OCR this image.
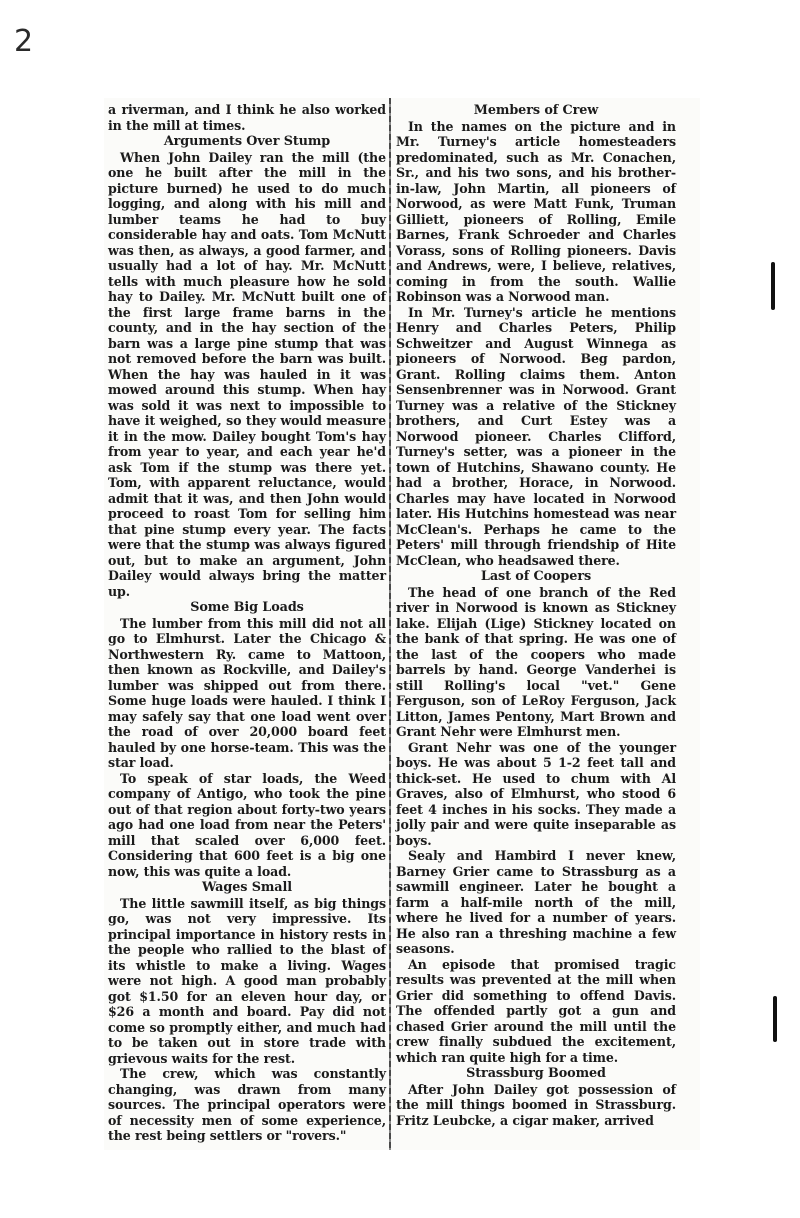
2

a riverman, and I think he also worked in the mill at times.

Arguments Over Stump

When John Dailey ran the mill (the one he built after the mill in the picture burned) he used to do much logging, and along with his mill and lumber teams he had to buy considerable hay and oats. Tom McNutt was then, as always, a good farmer, and usually had a lot of hay. Mr. McNutt tells with much pleasure how he sold hay to Dailey. Mr. McNutt built one of the first large frame barns in the county, and in the hay section of the barn was a large pine stump that was not removed before the barn was built. When the hay was hauled in it was mowed around this stump. When hay was sold it was next to impossible to have it weighed, so they would measure it in the mow. Dailey bought Tom's hay from year to year, and each year he'd ask Tom if the stump was there yet. Tom, with apparent reluctance, would admit that it was, and then John would proceed to roast Tom for selling him that pine stump every year. The facts were that the stump was always figured out, but to make an argument, John Dailey would always bring the matter up.

Some Big Loads

The lumber from this mill did not all go to Elmhurst. Later the Chicago & Northwestern Ry. came to Mattoon, then known as Rockville, and Dailey's lumber was shipped out from there. Some huge loads were hauled. I think I may safely say that one load went over the road of over 20,000 board feet hauled by one horse-team. This was the star load.

To speak of star loads, the Weed company of Antigo, who took the pine out of that region about forty-two years ago had one load from near the Peters' mill that scaled over 6,000 feet. Considering that 600 feet is a big one now, this was quite a load.

Wages Small

The little sawmill itself, as big things go, was not very impressive. Its principal importance in history rests in the people who rallied to the blast of its whistle to make a living. Wages were not high. A good man probably got $1.50 for an eleven hour day, or $26 a month and board. Pay did not come so promptly either, and much had to be taken out in store trade with grievous waits for the rest.

The crew, which was constantly changing, was drawn from many sources. The principal operators were of necessity men of some experience, the rest being settlers or "rovers."

Members of Crew

In the names on the picture and in Mr. Turney's article homesteaders predominated, such as Mr. Conachen, Sr., and his two sons, and his brother-in-law, John Martin, all pioneers of Norwood, as were Matt Funk, Truman Gilliett, pioneers of Rolling, Emile Barnes, Frank Schroeder and Charles Vorass, sons of Rolling pioneers. Davis and Andrews, were, I believe, relatives, coming in from the south. Wallie Robinson was a Norwood man.

In Mr. Turney's article he mentions Henry and Charles Peters, Philip Schweitzer and August Winnega as pioneers of Norwood. Beg pardon, Grant. Rolling claims them. Anton Sensenbrenner was in Norwood. Grant Turney was a relative of the Stickney brothers, and Curt Estey was a Norwood pioneer. Charles Clifford, Turney's setter, was a pioneer in the town of Hutchins, Shawano county. He had a brother, Horace, in Norwood. Charles may have located in Norwood later. His Hutchins homestead was near McClean's. Perhaps he came to the Peters' mill through friendship of Hite McClean, who headsawed there.

Last of Coopers

The head of one branch of the Red river in Norwood is known as Stickney lake. Elijah (Lige) Stickney located on the bank of that spring. He was one of the last of the coopers who made barrels by hand. George Vanderhei is still Rolling's local "vet." Gene Ferguson, son of LeRoy Ferguson, Jack Litton, James Pentony, Mart Brown and Grant Nehr were Elmhurst men.

Grant Nehr was one of the younger boys. He was about 5 1-2 feet tall and thick-set. He used to chum with Al Graves, also of Elmhurst, who stood 6 feet 4 inches in his socks. They made a jolly pair and were quite inseparable as boys.

Sealy and Hambird I never knew, Barney Grier came to Strassburg as a sawmill engineer. Later he bought a farm a half-mile north of the mill, where he lived for a number of years. He also ran a threshing machine a few seasons.

An episode that promised tragic results was prevented at the mill when Grier did something to offend Davis. The offended partly got a gun and chased Grier around the mill until the crew finally subdued the excitement, which ran quite high for a time.

Strassburg Boomed

After John Dailey got possession of the mill things boomed in Strassburg. Fritz Leubcke, a cigar maker, arrived
